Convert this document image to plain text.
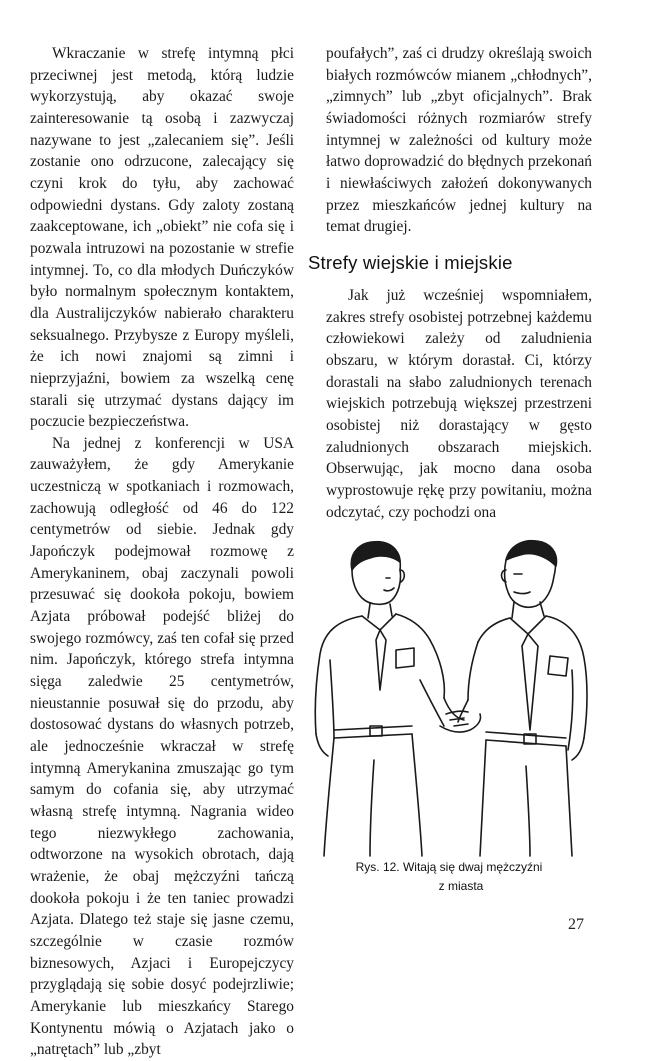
Wkraczanie w strefę intymną płci przeciwnej jest metodą, którą ludzie wykorzystują, aby okazać swoje zainteresowanie tą osobą i zazwyczaj nazywane to jest „zalecaniem się”. Jeśli zostanie ono odrzucone, zalecający się czyni krok do tyłu, aby zachować odpowiedni dystans. Gdy zaloty zostaną zaakceptowane, ich „obiekt” nie cofa się i pozwala intruzowi na pozostanie w strefie intymnej. To, co dla młodych Duńczyków było normalnym społecznym kontaktem, dla Australijczyków nabierało charakteru seksualnego. Przybysze z Europy myśleli, że ich nowi znajomi są zimni i nieprzyjaźni, bowiem za wszelką cenę starali się utrzymać dystans dający im poczucie bezpieczeństwa.

Na jednej z konferencji w USA zauważyłem, że gdy Amerykanie uczestniczą w spotkaniach i rozmowach, zachowują odległość od 46 do 122 centymetrów od siebie. Jednak gdy Japończyk podejmował rozmowę z Amerykaninem, obaj zaczynali powoli przesuwać się dookoła pokoju, bowiem Azjata próbował podejść bliżej do swojego rozmówcy, zaś ten cofał się przed nim. Japończyk, którego strefa intymna sięga zaledwie 25 centymetrów, nieustannie posuwał się do przodu, aby dostosować dystans do własnych potrzeb, ale jednocześnie wkraczał w strefę intymną Amerykanina zmuszając go tym samym do cofania się, aby utrzymać własną strefę intymną. Nagrania wideo tego niezwykłego zachowania, odtworzone na wysokich obrotach, dają wrażenie, że obaj mężczyźni tańczą dookoła pokoju i że ten taniec prowadzi Azjata. Dlatego też staje się jasne czemu, szczególnie w czasie rozmów biznesowych, Azjaci i Europejczycy przyglądają się sobie dosyć podejrzliwie; Amerykanie lub mieszkańcy Starego Kontynentu mówią o Azjatach jako o „natrętach” lub „zbyt

poufałych”, zaś ci drudzy określają swoich białych rozmówców mianem „chłodnych”, „zimnych” lub „zbyt oficjalnych”. Brak świadomości różnych rozmiarów strefy intymnej w zależności od kultury może łatwo doprowadzić do błędnych przekonań i niewłaściwych założeń dokonywanych przez mieszkańców jednej kultury na temat drugiej.

Strefy wiejskie i miejskie

Jak już wcześniej wspomniałem, zakres strefy osobistej potrzebnej każdemu człowiekowi zależy od zaludnienia obszaru, w którym dorastał. Ci, którzy dorastali na słabo zaludnionych terenach wiejskich potrzebują większej przestrzeni osobistej niż dorastający w gęsto zaludnionych obszarach miejskich. Obserwując, jak mocno dana osoba wyprostowuje rękę przy powitaniu, można odczytać, czy pochodzi ona

Rys. 12. Witają się dwaj mężczyźni
z miasta
27
